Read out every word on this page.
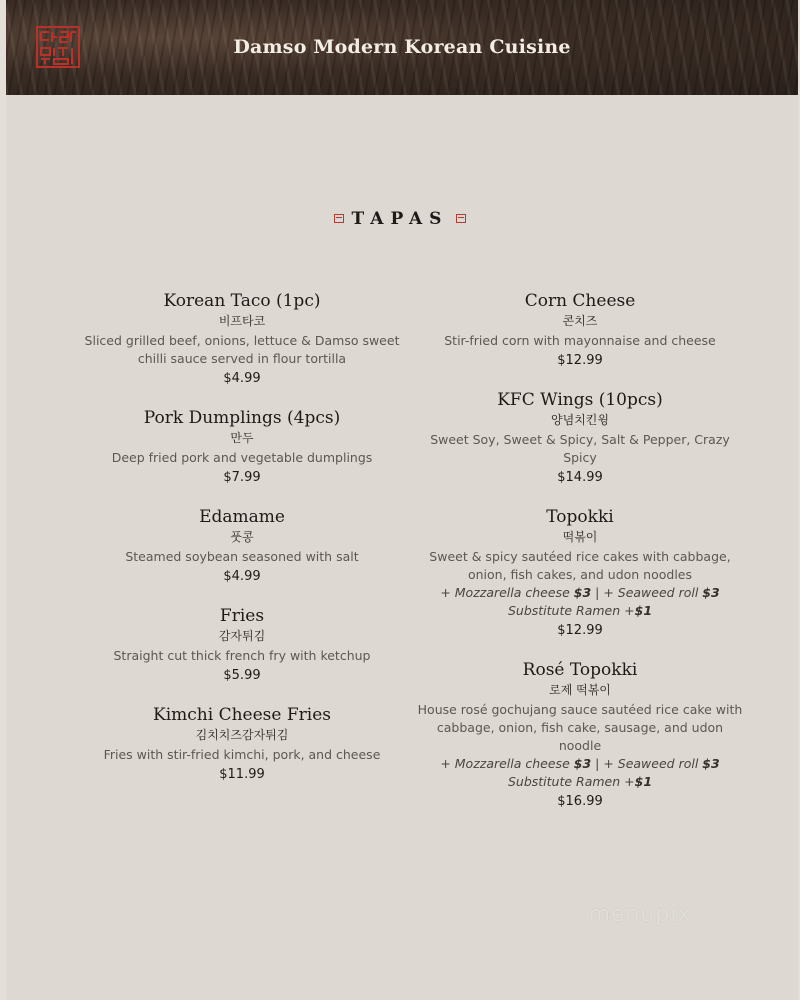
Damso Modern Korean Cuisine
TAPAS
Korean Taco (1pc)
비프타코
Sliced grilled beef, onions, lettuce & Damso sweet chilli sauce served in flour tortilla
$4.99
Pork Dumplings (4pcs)
만두
Deep fried pork and vegetable dumplings
$7.99
Edamame
풋콩
Steamed soybean seasoned with salt
$4.99
Fries
감자튀김
Straight cut thick french fry with ketchup
$5.99
Kimchi Cheese Fries
김치치즈감자튀김
Fries with stir-fried kimchi, pork, and cheese
$11.99
Corn Cheese
콘치즈
Stir-fried corn with mayonnaise and cheese
$12.99
KFC Wings (10pcs)
양념치킨윙
Sweet Soy, Sweet & Spicy, Salt & Pepper, Crazy Spicy
$14.99
Topokki
떡볶이
Sweet & spicy sautéed rice cakes with cabbage, onion, fish cakes, and udon noodles
+ Mozzarella cheese $3 | + Seaweed roll $3
Substitute Ramen +$1
$12.99
Rosé Topokki
로제 떡볶이
House rosé gochujang sauce sautéed rice cake with cabbage, onion, fish cake, sausage, and udon noodle
+ Mozzarella cheese $3 | + Seaweed roll $3
Substitute Ramen +$1
$16.99
menupix
